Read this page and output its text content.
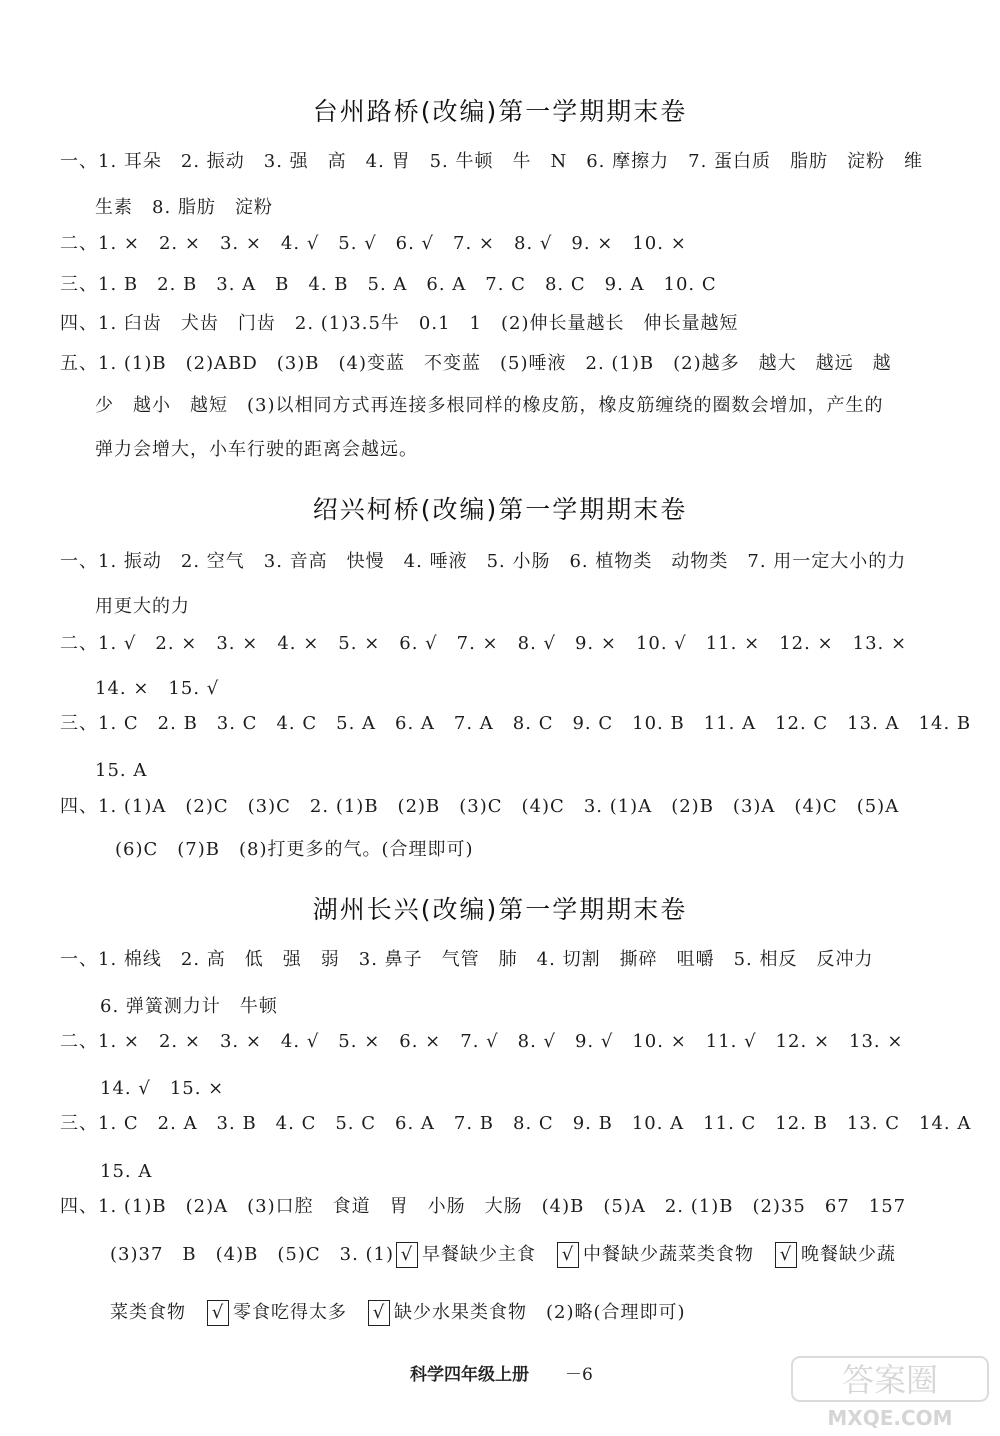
台州路桥(改编)第一学期期末卷
一、1. 耳朵　2. 振动　3. 强　高　4. 胃　5. 牛顿　牛　N　6. 摩擦力　7. 蛋白质　脂肪　淀粉　维
生素　8. 脂肪　淀粉
二、1. ×　2. ×　3. ×　4. √　5. √　6. √　7. ×　8. √　9. ×　10. ×
三、1. B　2. B　3. A　B　4. B　5. A　6. A　7. C　8. C　9. A　10. C
四、1. 臼齿　犬齿　门齿　2. (1)3.5牛　0.1　1　(2)伸长量越长　伸长量越短
五、1. (1)B　(2)ABD　(3)B　(4)变蓝　不变蓝　(5)唾液　2. (1)B　(2)越多　越大　越远　越
少　越小　越短　(3)以相同方式再连接多根同样的橡皮筋，橡皮筋缠绕的圈数会增加，产生的
弹力会增大，小车行驶的距离会越远。
绍兴柯桥(改编)第一学期期末卷
一、1. 振动　2. 空气　3. 音高　快慢　4. 唾液　5. 小肠　6. 植物类　动物类　7. 用一定大小的力
用更大的力
二、1. √　2. ×　3. ×　4. ×　5. ×　6. √　7. ×　8. √　9. ×　10. √　11. ×　12. ×　13. ×
14. ×　15. √
三、1. C　2. B　3. C　4. C　5. A　6. A　7. A　8. C　9. C　10. B　11. A　12. C　13. A　14. B
15. A
四、1. (1)A　(2)C　(3)C　2. (1)B　(2)B　(3)C　(4)C　3. (1)A　(2)B　(3)A　(4)C　(5)A
(6)C　(7)B　(8)打更多的气。(合理即可)
湖州长兴(改编)第一学期期末卷
一、1. 棉线　2. 高　低　强　弱　3. 鼻子　气管　肺　4. 切割　撕碎　咀嚼　5. 相反　反冲力
6. 弹簧测力计　牛顿
二、1. ×　2. ×　3. ×　4. √　5. ×　6. ×　7. √　8. √　9. √　10. ×　11. √　12. ×　13. ×
14. √　15. ×
三、1. C　2. A　3. B　4. C　5. C　6. A　7. B　8. C　9. B　10. A　11. C　12. B　13. C　14. A
15. A
四、1. (1)B　(2)A　(3)口腔　食道　胃　小肠　大肠　(4)B　(5)A　2. (1)B　(2)35　67　157
(3)37　B　(4)B　(5)C　3. (1) √ 早餐缺少主食　 √ 中餐缺少蔬菜类食物　 √ 晚餐缺少蔬
菜类食物　 √ 零食吃得太多　 √ 缺少水果类食物　 (2)略(合理即可)
科学四年级上册 －6	答案圈
MXQE.COM
